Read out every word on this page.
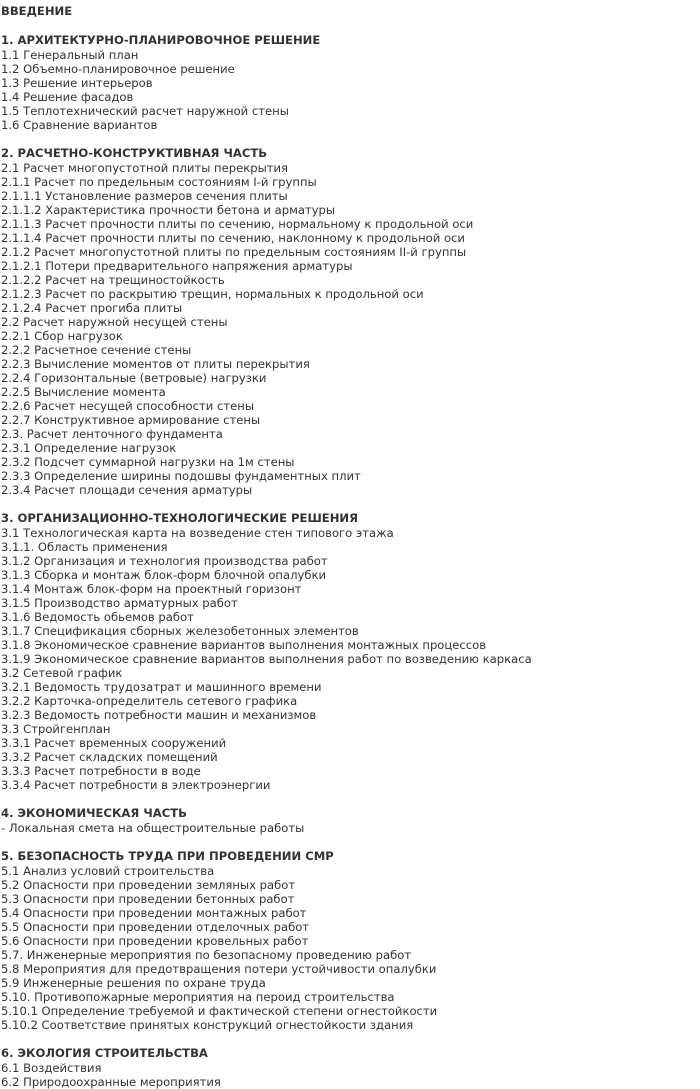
ВВЕДЕНИЕ
1. АРХИТЕКТУРНО-ПЛАНИРОВОЧНОЕ РЕШЕНИЕ
1.1 Генеральный план
1.2 Объемно-планировочное решение
1.3 Решение интерьеров
1.4 Решение фасадов
1.5 Теплотехнический расчет наружной стены
1.6 Сравнение вариантов
2. РАСЧЕТНО-КОНСТРУКТИВНАЯ ЧАСТЬ
2.1 Расчет многопустотной плиты перекрытия
2.1.1 Расчет по предельным состояниям I-й группы
2.1.1.1 Установление размеров сечения плиты
2.1.1.2 Характеристика прочности бетона и арматуры
2.1.1.3 Расчет прочности плиты по сечению, нормальному к продольной оси
2.1.1.4 Расчет прочности плиты по сечению, наклонному к продольной оси
2.1.2 Расчет многопустотной плиты по предельным состояниям II-й группы
2.1.2.1 Потери предварительного напряжения арматуры
2.1.2.2 Расчет на трещиностойкость
2.1.2.3 Расчет по раскрытию трещин, нормальных к продольной оси
2.1.2.4 Расчет прогиба плиты
2.2 Расчет наружной несущей стены
2.2.1 Сбор нагрузок
2.2.2 Расчетное сечение стены
2.2.3 Вычисление моментов от плиты перекрытия
2.2.4 Горизонтальные (ветровые) нагрузки
2.2.5 Вычисление момента
2.2.6 Расчет несущей способности стены
2.2.7 Конструктивное армирование стены
2.3. Расчет ленточного фундамента
2.3.1 Определение нагрузок
2.3.2 Подсчет суммарной нагрузки на 1м стены
2.3.3 Определение ширины подошвы фундаментных плит
2.3.4 Расчет площади сечения арматуры
3. ОРГАНИЗАЦИОННО-ТЕХНОЛОГИЧЕСКИЕ РЕШЕНИЯ
3.1 Технологическая карта на возведение стен типового этажа
3.1.1. Область применения
3.1.2 Организация и технология производства работ
3.1.3 Сборка и монтаж блок-форм блочной опалубки
3.1.4 Монтаж блок-форм на проектный горизонт
3.1.5 Производство арматурных работ
3.1.6 Ведомость обьемов работ
3.1.7 Спецификация сборных железобетонных элементов
3.1.8 Экономическое сравнение вариантов выполнения монтажных процессов
3.1.9 Экономическое сравнение вариантов выполнения работ по возведению каркаса
3.2 Сетевой график
3.2.1 Ведомость трудозатрат и машинного времени
3.2.2 Карточка-определитель сетевого графика
3.2.3 Ведомость потребности машин и механизмов
3.3 Стройгенплан
3.3.1 Расчет временных сооружений
3.3.2 Расчет складских помещений
3.3.3 Расчет потребности в воде
3.3.4 Расчет потребности в электроэнергии
4. ЭКОНОМИЧЕСКАЯ ЧАСТЬ
- Локальная смета на общестроительные работы
5. БЕЗОПАСНОСТЬ ТРУДА ПРИ ПРОВЕДЕНИИ СМР
5.1 Анализ условий строительства
5.2 Опасности при проведении земляных работ
5.3 Опасности при проведении бетонных работ
5.4 Опасности при проведении монтажных работ
5.5 Опасности при проведении отделочных работ
5.6 Опасности при проведении кровельных работ
5.7. Инженерные мероприятия по безопасному проведению работ
5.8 Мероприятия для предотвращения потери устойчивости опалубки
5.9 Инженерные решения по охране труда
5.10. Противопожарные мероприятия на пероид строительства
5.10.1 Определение требуемой и фактической степени огнестойкости
5.10.2 Соответствие принятых конструкций огнестойкости здания
6. ЭКОЛОГИЯ СТРОИТЕЛЬСТВА
6.1 Воздействия
6.2 Природоохранные мероприятия
